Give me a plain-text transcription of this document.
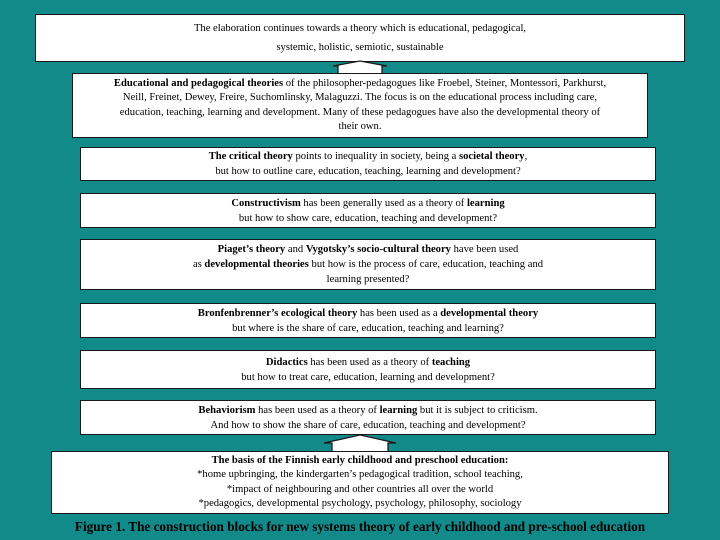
The elaboration continues towards a theory which is educational, pedagogical,

systemic, holistic, semiotic, sustainable

Educational and pedagogical theories of the philosopher-pedagogues like Froebel, Steiner, Montessori, Parkhurst,

Neill, Freinet, Dewey, Freire, Suchomlinsky, Malaguzzi. The focus is on the educational process including care,

education, teaching, learning and development. Many of these pedagogues have also the developmental theory of

their own.

The critical theory points to inequality in society, being a societal theory,

but how to outline care, education, teaching, learning and development?

Constructivism has been generally used as a theory of learning

but how to show care, education, teaching and development?

Piaget’s theory and Vygotsky’s socio-cultural theory have been used

as developmental theories but how is the process of care, education, teaching and

learning presented?

Bronfenbrenner’s ecological theory has been used as a developmental theory

but where is the share of care, education, teaching and learning?

Didactics has been used as a theory of teaching

but how to treat care, education, learning and development?

Behaviorism has been used as a theory of learning but it is subject to criticism.

And how to show the share of care, education, teaching and development?

The basis of the Finnish early childhood and preschool education:

*home upbringing, the kindergarten’s pedagogical tradition, school teaching,

*impact of neighbouring and other countries all over the world

*pedagogics, developmental psychology, psychology, philosophy, sociology

Figure 1. The construction blocks for new systems theory of early childhood and pre-school education
